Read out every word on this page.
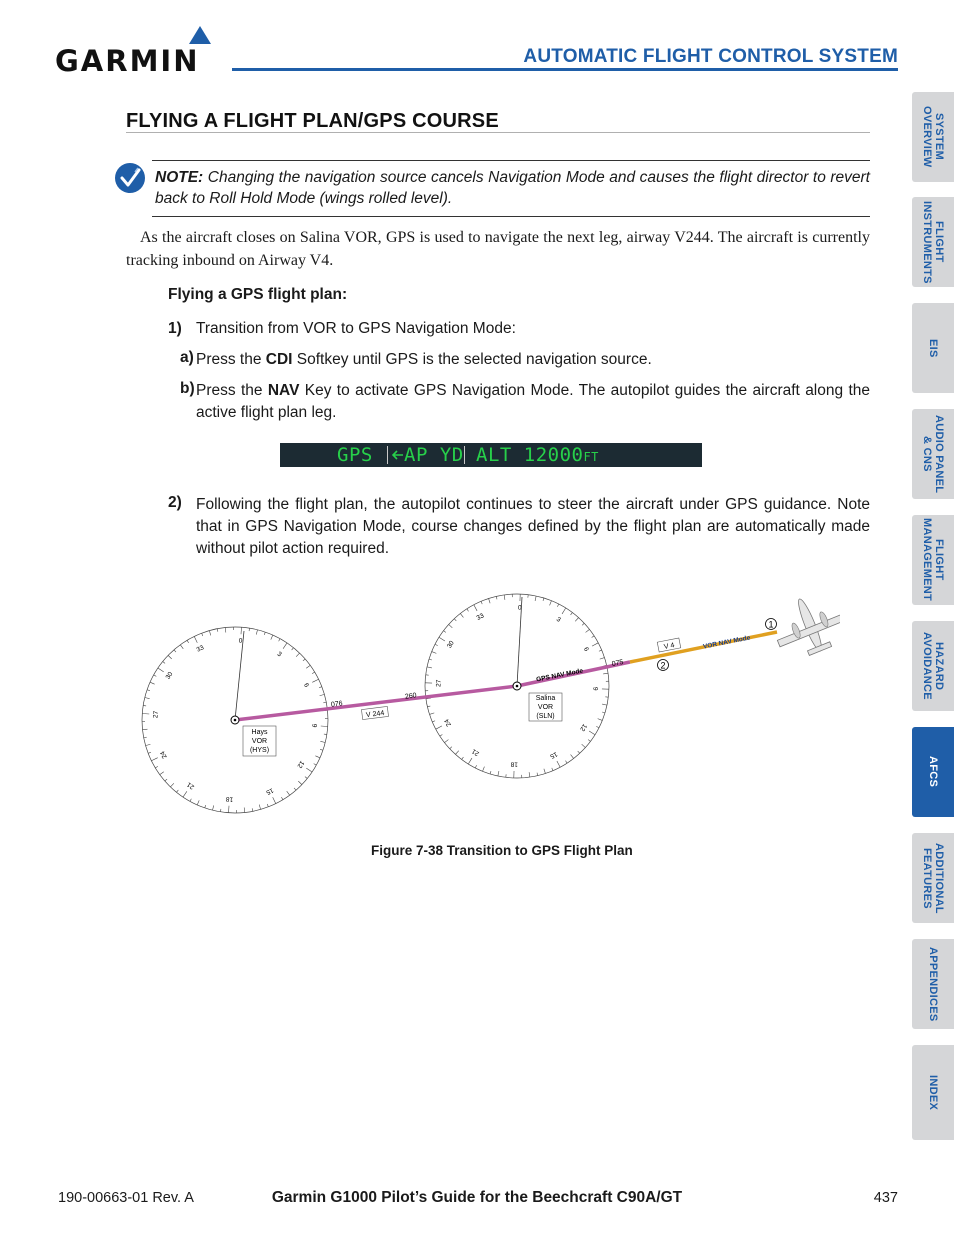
GARMIN	AUTOMATIC FLIGHT CONTROL SYSTEM
FLYING A FLIGHT PLAN/GPS COURSE
NOTE: Changing the navigation source cancels Navigation Mode and causes the flight director to revert back to Roll Hold Mode (wings rolled level).
As the aircraft closes on Salina VOR, GPS is used to navigate the next leg, airway V244. The aircraft is currently tracking inbound on Airway V4.
Flying a GPS flight plan:
1) Transition from VOR to GPS Navigation Mode:
a) Press the CDI Softkey until GPS is the selected navigation source.
b) Press the NAV Key to activate GPS Navigation Mode. The autopilot guides the aircraft along the active flight plan leg.
GPS AP YD ALT 12000FT
2) Following the flight plan, the autopilot continues to steer the aircraft under GPS guidance. Note that in GPS Navigation Mode, course changes defined by the flight plan are automatically made without pilot action required.
0
3
6
9
12
15
18
21
24
27
30
33
0
3
6
9
12
15
18
21
24
27
30
33
Hays
VOR
(HYS)
Salina
VOR
(SLN)
V 244
V 4
GPS NAV Mode
VOR NAV Mode
076
260
075
1
2
Figure 7-38 Transition to GPS Flight Plan
SYSTEM
OVERVIEW
FLIGHT
INSTRUMENTS
EIS
AUDIO PANEL
& CNS
FLIGHT
MANAGEMENT
HAZARD
AVOIDANCE
AFCS
ADDITIONAL
FEATURES
APPENDICES
INDEX
190-00663-01 Rev. A	Garmin G1000 Pilot’s Guide for the Beechcraft C90A/GT	437
